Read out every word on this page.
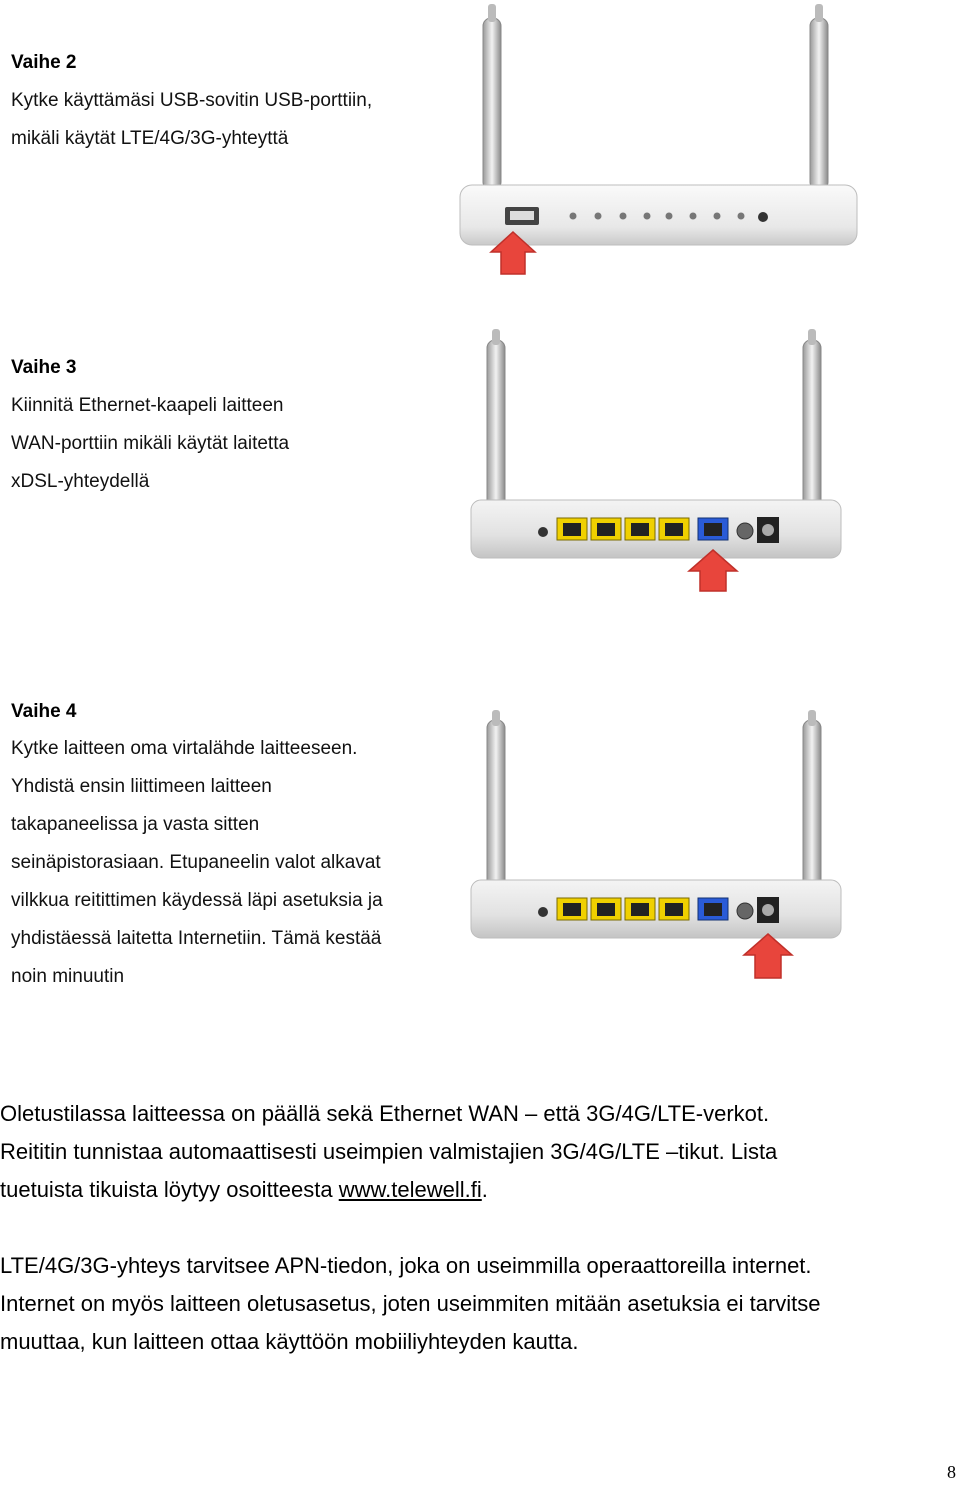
Vaihe 2
Kytke käyttämäsi USB-sovitin USB-porttiin,
mikäli käytät LTE/4G/3G-yhteyttä
Vaihe 3
Kiinnitä Ethernet-kaapeli laitteen
WAN-porttiin mikäli käytät laitetta
xDSL-yhteydellä
Vaihe 4
Kytke laitteen oma virtalähde laitteeseen.
Yhdistä ensin liittimeen laitteen
takapaneelissa ja vasta sitten
seinäpistorasiaan. Etupaneelin valot alkavat
vilkkua reitittimen käydessä läpi asetuksia ja
yhdistäessä laitetta Internetiin. Tämä kestää
noin minuutin
Oletustilassa laitteessa on päällä sekä Ethernet WAN – että 3G/4G/LTE-verkot.
Reititin tunnistaa automaattisesti useimpien valmistajien 3G/4G/LTE –tikut. Lista
tuetuista tikuista löytyy osoitteesta www.telewell.fi.
LTE/4G/3G-yhteys tarvitsee APN-tiedon, joka on useimmilla operaattoreilla internet.
Internet on myös laitteen oletusasetus, joten useimmiten mitään asetuksia ei tarvitse
muuttaa, kun laitteen ottaa käyttöön mobiiliyhteyden kautta.
8
